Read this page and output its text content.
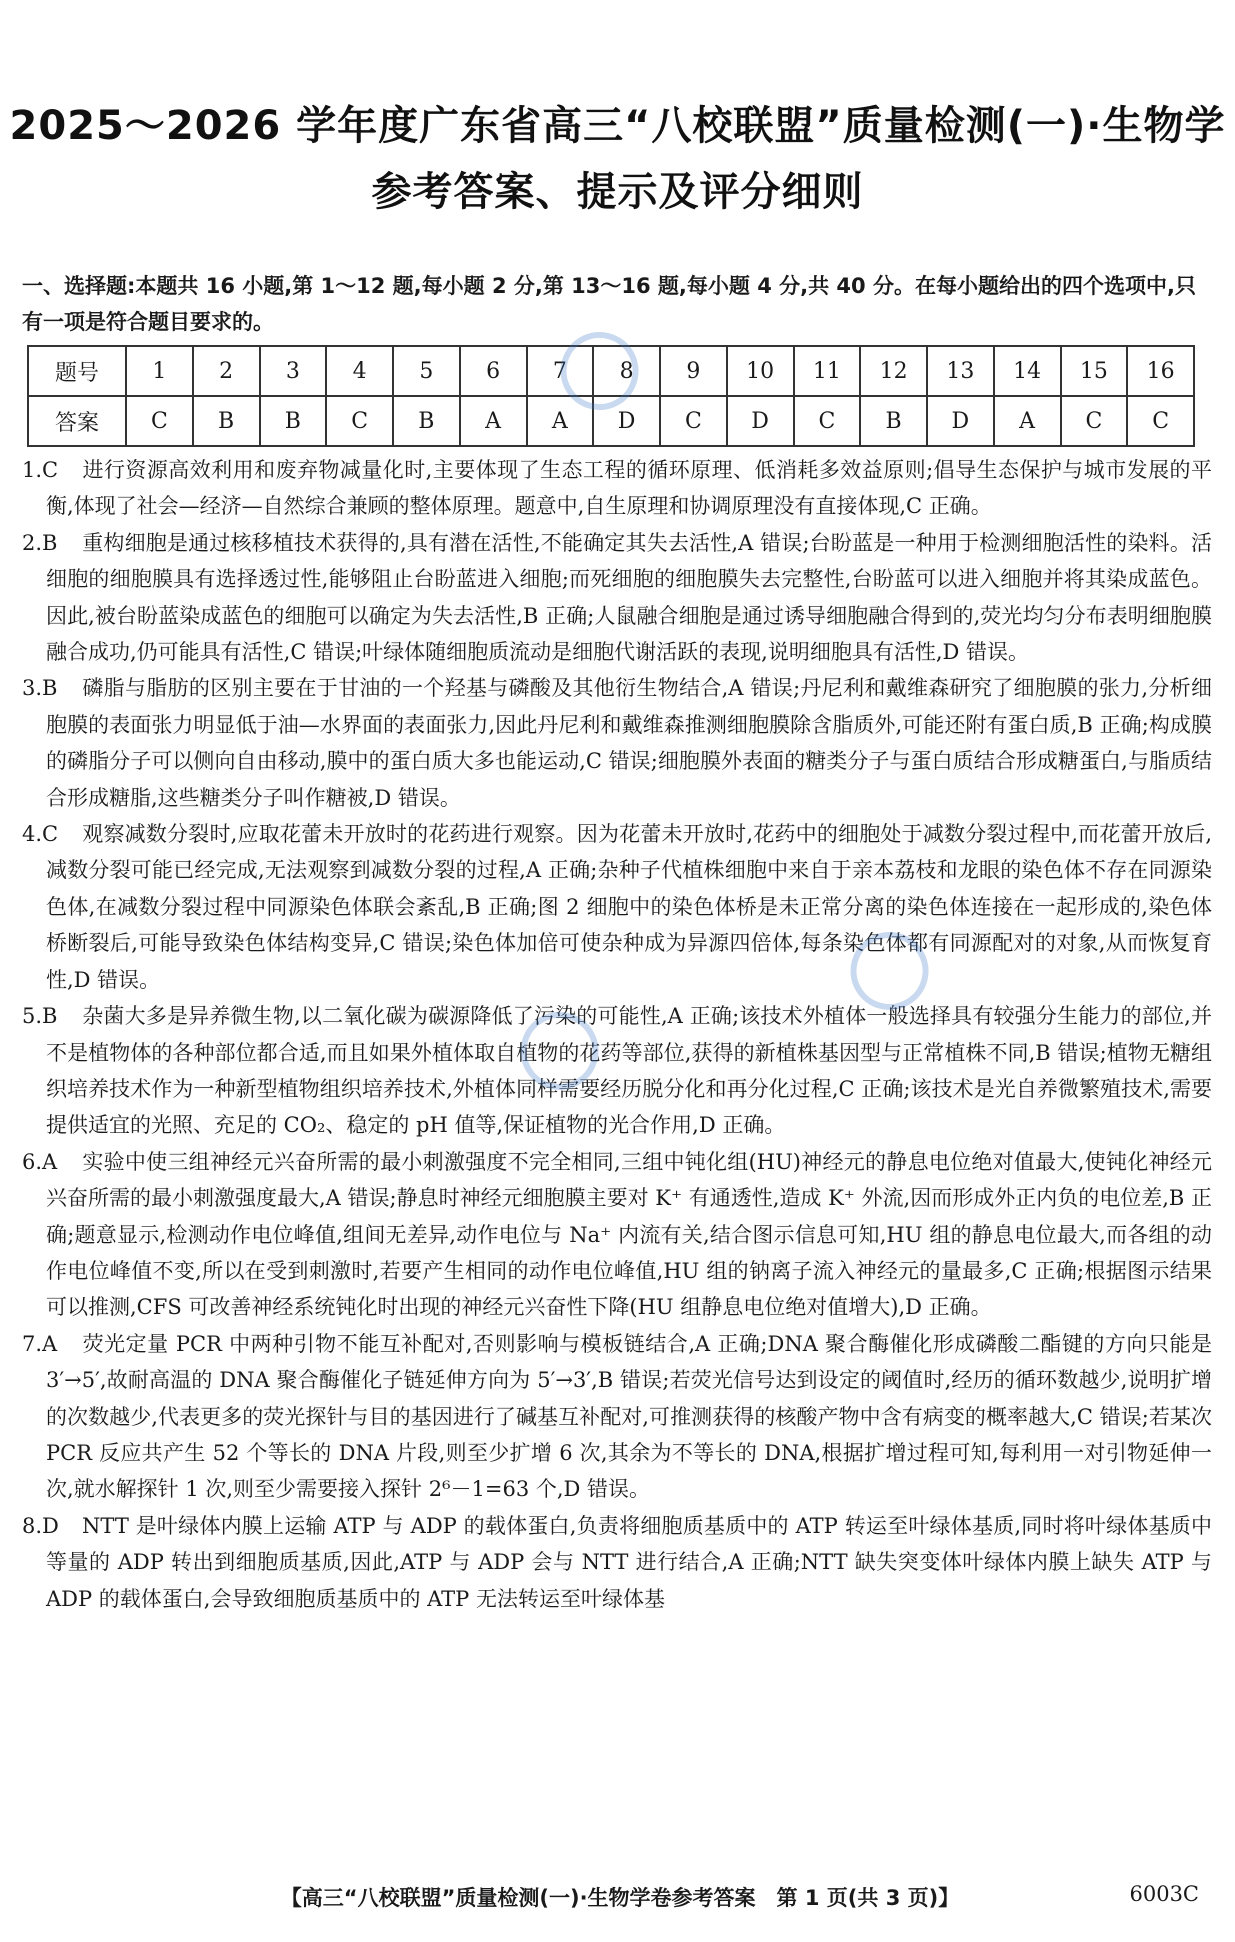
2025～2026 学年度广东省高三“八校联盟”质量检测(一)·生物学
参考答案、提示及评分细则
一、选择题:本题共 16 小题,第 1～12 题,每小题 2 分,第 13～16 题,每小题 4 分,共 40 分。在每小题给出的四个选项中,只有一项是符合题目要求的。
题号	1	2	3	4	5	6	7	8	9	10	11	12	13	14	15	16
答案	C	B	B	C	B	A	A	D	C	D	C	B	D	A	C	C

1.C 进行资源高效利用和废弃物减量化时,主要体现了生态工程的循环原理、低消耗多效益原则;倡导生态保护与城市发展的平衡,体现了社会—经济—自然综合兼顾的整体原理。题意中,自生原理和协调原理没有直接体现,C 正确。

2.B 重构细胞是通过核移植技术获得的,具有潜在活性,不能确定其失去活性,A 错误;台盼蓝是一种用于检测细胞活性的染料。活细胞的细胞膜具有选择透过性,能够阻止台盼蓝进入细胞;而死细胞的细胞膜失去完整性,台盼蓝可以进入细胞并将其染成蓝色。因此,被台盼蓝染成蓝色的细胞可以确定为失去活性,B 正确;人鼠融合细胞是通过诱导细胞融合得到的,荧光均匀分布表明细胞膜融合成功,仍可能具有活性,C 错误;叶绿体随细胞质流动是细胞代谢活跃的表现,说明细胞具有活性,D 错误。

3.B 磷脂与脂肪的区别主要在于甘油的一个羟基与磷酸及其他衍生物结合,A 错误;丹尼利和戴维森研究了细胞膜的张力,分析细胞膜的表面张力明显低于油—水界面的表面张力,因此丹尼利和戴维森推测细胞膜除含脂质外,可能还附有蛋白质,B 正确;构成膜的磷脂分子可以侧向自由移动,膜中的蛋白质大多也能运动,C 错误;细胞膜外表面的糖类分子与蛋白质结合形成糖蛋白,与脂质结合形成糖脂,这些糖类分子叫作糖被,D 错误。

4.C 观察减数分裂时,应取花蕾未开放时的花药进行观察。因为花蕾未开放时,花药中的细胞处于减数分裂过程中,而花蕾开放后,减数分裂可能已经完成,无法观察到减数分裂的过程,A 正确;杂种子代植株细胞中来自于亲本荔枝和龙眼的染色体不存在同源染色体,在减数分裂过程中同源染色体联会紊乱,B 正确;图 2 细胞中的染色体桥是未正常分离的染色体连接在一起形成的,染色体桥断裂后,可能导致染色体结构变异,C 错误;染色体加倍可使杂种成为异源四倍体,每条染色体都有同源配对的对象,从而恢复育性,D 错误。

5.B 杂菌大多是异养微生物,以二氧化碳为碳源降低了污染的可能性,A 正确;该技术外植体一般选择具有较强分生能力的部位,并不是植物体的各种部位都合适,而且如果外植体取自植物的花药等部位,获得的新植株基因型与正常植株不同,B 错误;植物无糖组织培养技术作为一种新型植物组织培养技术,外植体同样需要经历脱分化和再分化过程,C 正确;该技术是光自养微繁殖技术,需要提供适宜的光照、充足的 CO₂、稳定的 pH 值等,保证植物的光合作用,D 正确。

6.A 实验中使三组神经元兴奋所需的最小刺激强度不完全相同,三组中钝化组(HU)神经元的静息电位绝对值最大,使钝化神经元兴奋所需的最小刺激强度最大,A 错误;静息时神经元细胞膜主要对 K⁺ 有通透性,造成 K⁺ 外流,因而形成外正内负的电位差,B 正确;题意显示,检测动作电位峰值,组间无差异,动作电位与 Na⁺ 内流有关,结合图示信息可知,HU 组的静息电位最大,而各组的动作电位峰值不变,所以在受到刺激时,若要产生相同的动作电位峰值,HU 组的钠离子流入神经元的量最多,C 正确;根据图示结果可以推测,CFS 可改善神经系统钝化时出现的神经元兴奋性下降(HU 组静息电位绝对值增大),D 正确。

7.A 荧光定量 PCR 中两种引物不能互补配对,否则影响与模板链结合,A 正确;DNA 聚合酶催化形成磷酸二酯键的方向只能是 3′→5′,故耐高温的 DNA 聚合酶催化子链延伸方向为 5′→3′,B 错误;若荧光信号达到设定的阈值时,经历的循环数越少,说明扩增的次数越少,代表更多的荧光探针与目的基因进行了碱基互补配对,可推测获得的核酸产物中含有病变的概率越大,C 错误;若某次 PCR 反应共产生 52 个等长的 DNA 片段,则至少扩增 6 次,其余为不等长的 DNA,根据扩增过程可知,每利用一对引物延伸一次,就水解探针 1 次,则至少需要接入探针 2⁶－1=63 个,D 错误。

8.D NTT 是叶绿体内膜上运输 ATP 与 ADP 的载体蛋白,负责将细胞质基质中的 ATP 转运至叶绿体基质,同时将叶绿体基质中等量的 ADP 转出到细胞质基质,因此,ATP 与 ADP 会与 NTT 进行结合,A 正确;NTT 缺失突变体叶绿体内膜上缺失 ATP 与 ADP 的载体蛋白,会导致细胞质基质中的 ATP 无法转运至叶绿体基

【高三“八校联盟”质量检测(一)·生物学卷参考答案　第 1 页(共 3 页)】	6003C
